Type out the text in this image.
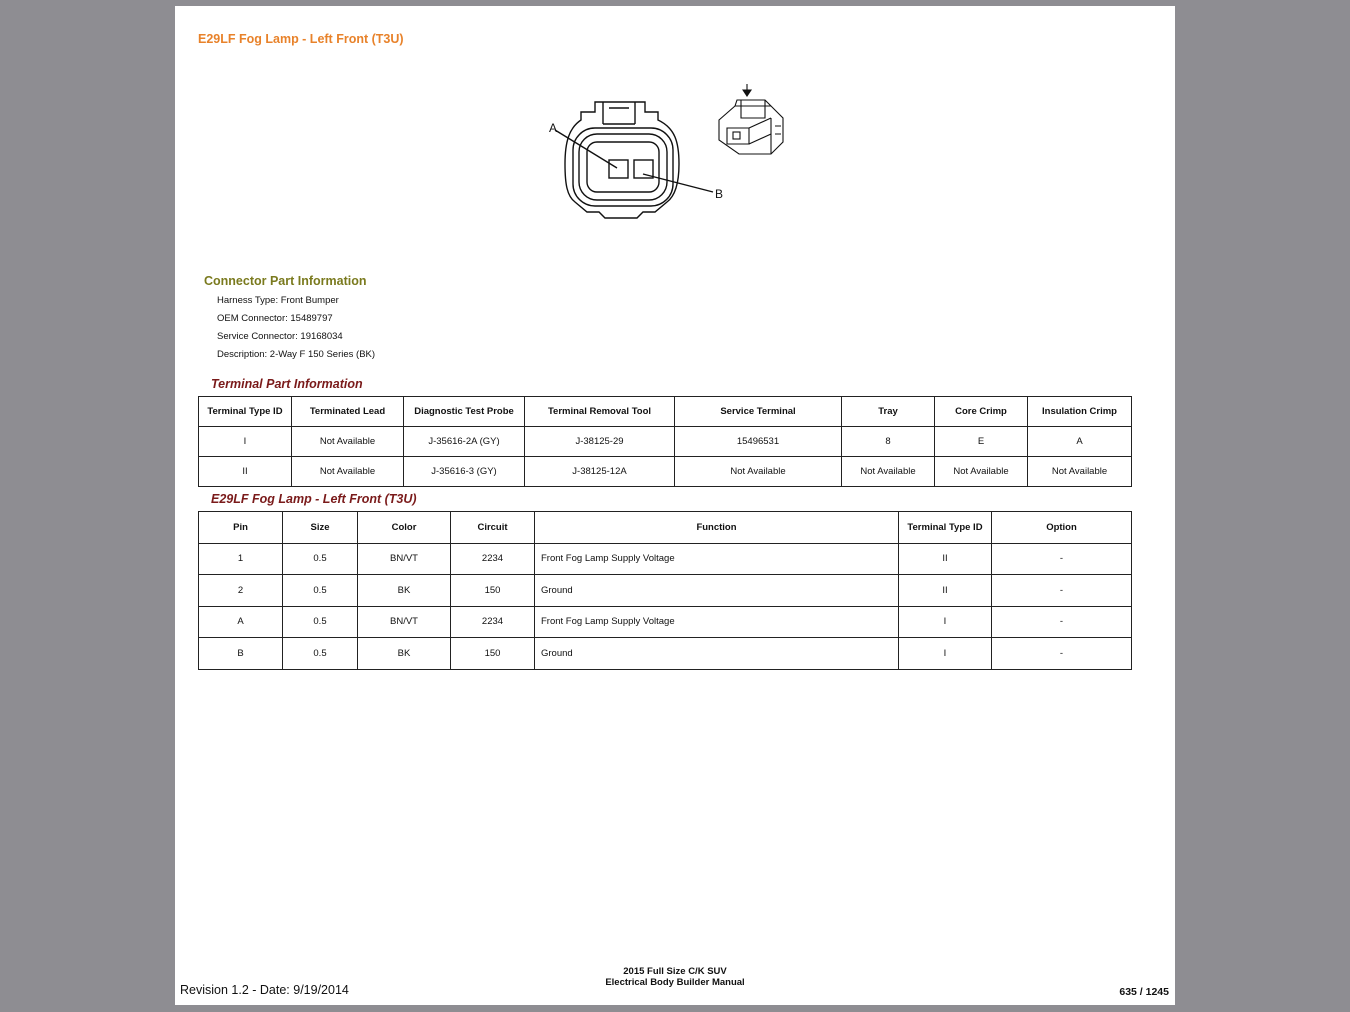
E29LF Fog Lamp - Left Front (T3U)
A
B
Connector Part Information
Harness Type: Front Bumper
OEM Connector: 15489797
Service Connector: 19168034
Description: 2-Way F 150 Series (BK)
Terminal Part Information
Terminal Type ID	Terminated Lead	Diagnostic Test Probe	Terminal Removal Tool	Service Terminal	Tray	Core Crimp	Insulation Crimp
I	Not Available	J-35616-2A (GY)	J-38125-29	15496531	8	E	A
II	Not Available	J-35616-3 (GY)	J-38125-12A	Not Available	Not Available	Not Available	Not Available
E29LF Fog Lamp - Left Front (T3U)
Pin	Size	Color	Circuit	Function	Terminal Type ID	Option
1	0.5	BN/VT	2234	Front Fog Lamp Supply Voltage	II	-
2	0.5	BK	150	Ground	II	-
A	0.5	BN/VT	2234	Front Fog Lamp Supply Voltage	I	-
B	0.5	BK	150	Ground	I	-
Revision 1.2 - Date: 9/19/2014
2015 Full Size C/K SUV
Electrical Body Builder Manual
635 / 1245
